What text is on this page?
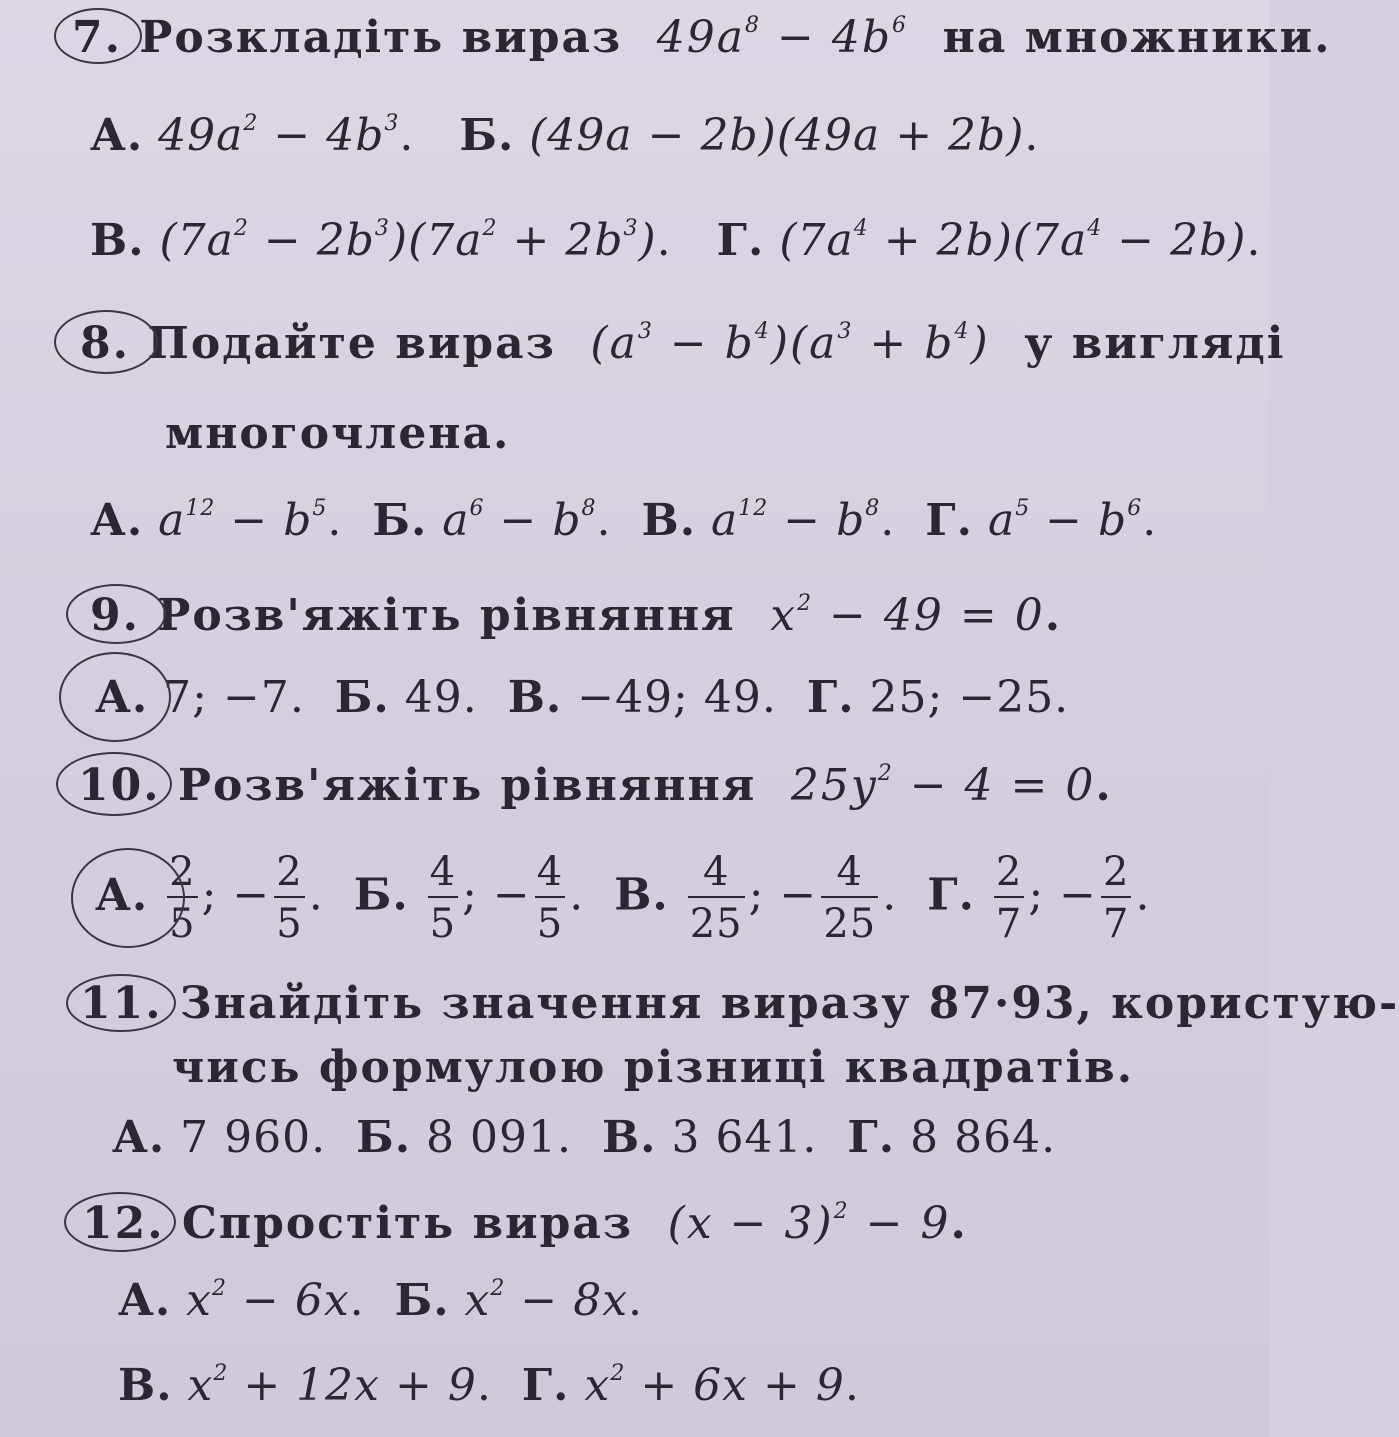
7. Розкладіть вираз  $49a^8 - 4b^6$  на множники.
А. $49a^2 - 4b^3$.   Б. (49a − 2b)(49a + 2b).
В. $(7a^2 - 2b^3)(7a^2 + 2b^3)$.   Г. $(7a^4 + 2b)(7a^4 - 2b)$.
8. Подайте вираз  $(a^3 - b^4)(a^3 + b^4)$  у вигляді
многочлена.
А. $a^{12} - b^5$.  Б. $a^6 - b^8$.  В. $a^{12} - b^8$.  Г. $a^5 - b^6$.
9. Розв'яжіть рівняння  $x^2 - 49 = 0$.
А. 7; −7. Б. 49. В. −49; 49. Г. 25; −25.
10. Розв'яжіть рівняння  $25y^2 - 4 = 0$.
А. $\frac{2}{5}$ ; − $\frac{2}{5}$ .  Б. $\frac{4}{5}$ ; − $\frac{4}{5}$ .  В. $\frac{4}{25}$ ; − $\frac{4}{25}$ .  Г. $\frac{2}{7}$ ; − $\frac{2}{7}$ .
11. Знайдіть значення виразу 87·93, користую-
чись формулою різниці квадратів.
А. 7 960. Б. 8 091. В. 3 641. Г. 8 864.
12. Спростіть вираз  $(x - 3)^2 - 9$.
А. $x^2 - 6x$.  Б. $x^2 - 8x$.
В. $x^2 + 12x + 9$.  Г. $x^2 + 6x + 9$.
